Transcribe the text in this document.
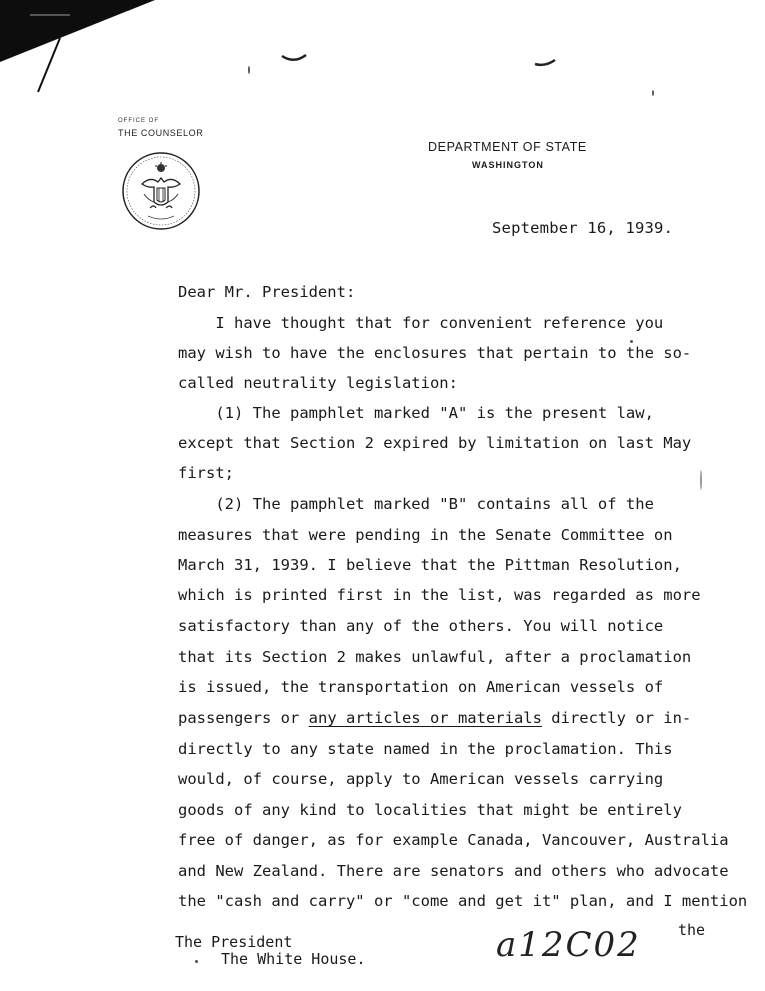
OFFICE OF
THE COUNSELOR
DEPARTMENT OF STATE
WASHINGTON
September 16, 1939.
Dear Mr. President:
I have thought that for convenient reference you
may wish to have the enclosures that pertain to the so-
called neutrality legislation:
(1) The pamphlet marked "A" is the present law,
except that Section 2 expired by limitation on last May
first;
(2) The pamphlet marked "B" contains all of the
measures that were pending in the Senate Committee on
March 31, 1939. I believe that the Pittman Resolution,
which is printed first in the list, was regarded as more
satisfactory than any of the others. You will notice
that its Section 2 makes unlawful, after a proclamation
is issued, the transportation on American vessels of
passengers or any articles or materials directly or in-
directly to any state named in the proclamation. This
would, of course, apply to American vessels carrying
goods of any kind to localities that might be entirely
free of danger, as for example Canada, Vancouver, Australia
and New Zealand. There are senators and others who advocate
the "cash and carry" or "come and get it" plan, and I mention
the
The President
The White House.	a12C02
